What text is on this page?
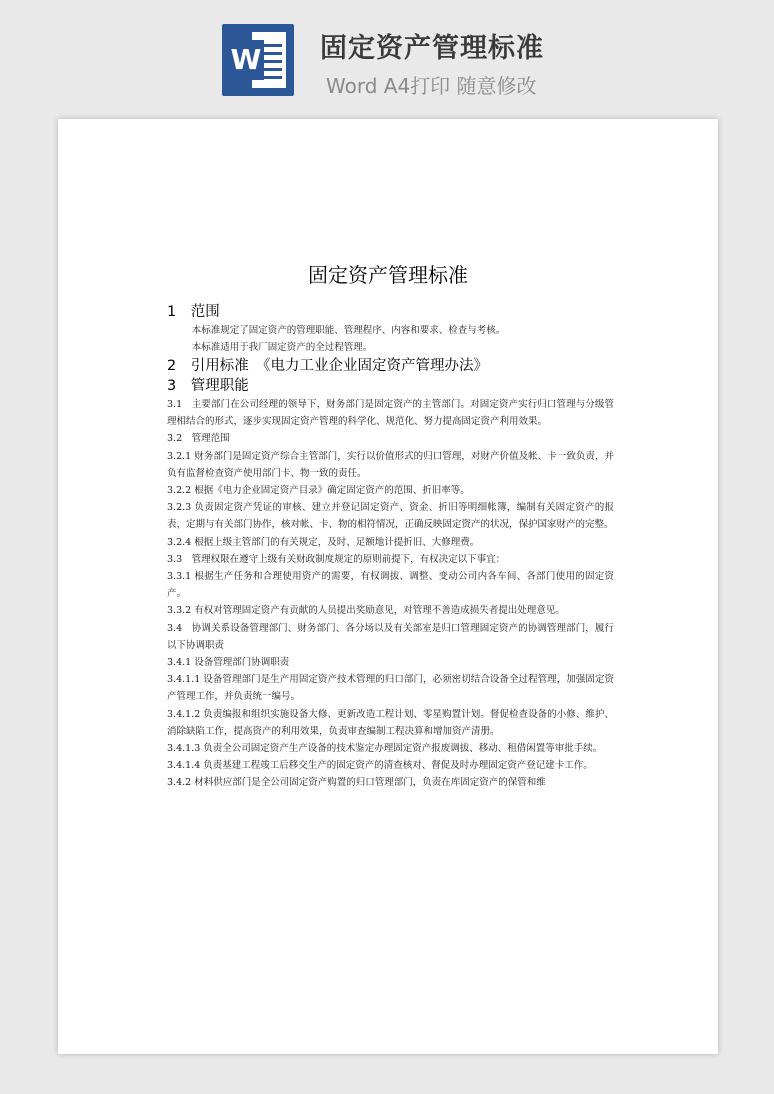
W 固定资产管理标准
Word A4打印 随意修改
固定资产管理标准

1　范围

本标准规定了固定资产的管理职能、管理程序、内容和要求、检查与考核。

本标准适用于我厂固定资产的全过程管理。

2　引用标准　《电力工业企业固定资产管理办法》

3　管理职能

3.1　主要部门在公司经理的领导下，财务部门是固定资产的主管部门。对固定资产实行归口管理与分级管理相结合的形式，逐步实现固定资产管理的科学化、规范化、努力提高固定资产利用效果。

3.2　管理范围

3.2.1 财务部门是固定资产综合主管部门，实行以价值形式的归口管理，对财产价值及帐、卡一致负责，并负有监督检查资产使用部门卡、物一致的责任。

3.2.2 根据《电力企业固定资产目录》确定固定资产的范围、折旧率等。

3.2.3 负责固定资产凭证的审核、建立并登记固定资产、资金、折旧等明细帐簿，编制有关固定资产的报表，定期与有关部门协作，核对帐、卡、物的相符情况，正确反映固定资产的状况，保护国家财产的完整。

3.2.4 根据上级主管部门的有关规定，及时、足额地计提折旧、大修理费。

3.3　管理权限在遵守上级有关财政制度规定的原则前提下，有权决定以下事宜：

3.3.1 根据生产任务和合理使用资产的需要，有权调拔、调整、变动公司内各车间、各部门使用的固定资产。

3.3.2 有权对管理固定资产有贡献的人员提出奖励意见，对管理不善造成损失者提出处理意见。

3.4　协调关系设备管理部门、财务部门、各分场以及有关部室是归口管理固定资产的协调管理部门，履行以下协调职责

3.4.1 设备管理部门协调职责

3.4.1.1 设备管理部门是生产用固定资产技术管理的归口部门，必须密切结合设备全过程管理，加强固定资产管理工作，并负责统一编号。

3.4.1.2 负责编报和组织实施设备大修、更新改造工程计划、零星购置计划。督促检查设备的小修、维护、消除缺陷工作，提高资产的利用效果，负责审查编制工程决算和增加资产清册。

3.4.1.3 负责全公司固定资产生产设备的技术鉴定办理固定资产报废调拔、移动、租借闲置等审批手续。

3.4.1.4 负责基建工程竣工后移交生产的固定资产的清查核对、督促及时办理固定资产登记建卡工作。

3.4.2 材料供应部门是全公司固定资产购置的归口管理部门，负责在库固定资产的保管和维
